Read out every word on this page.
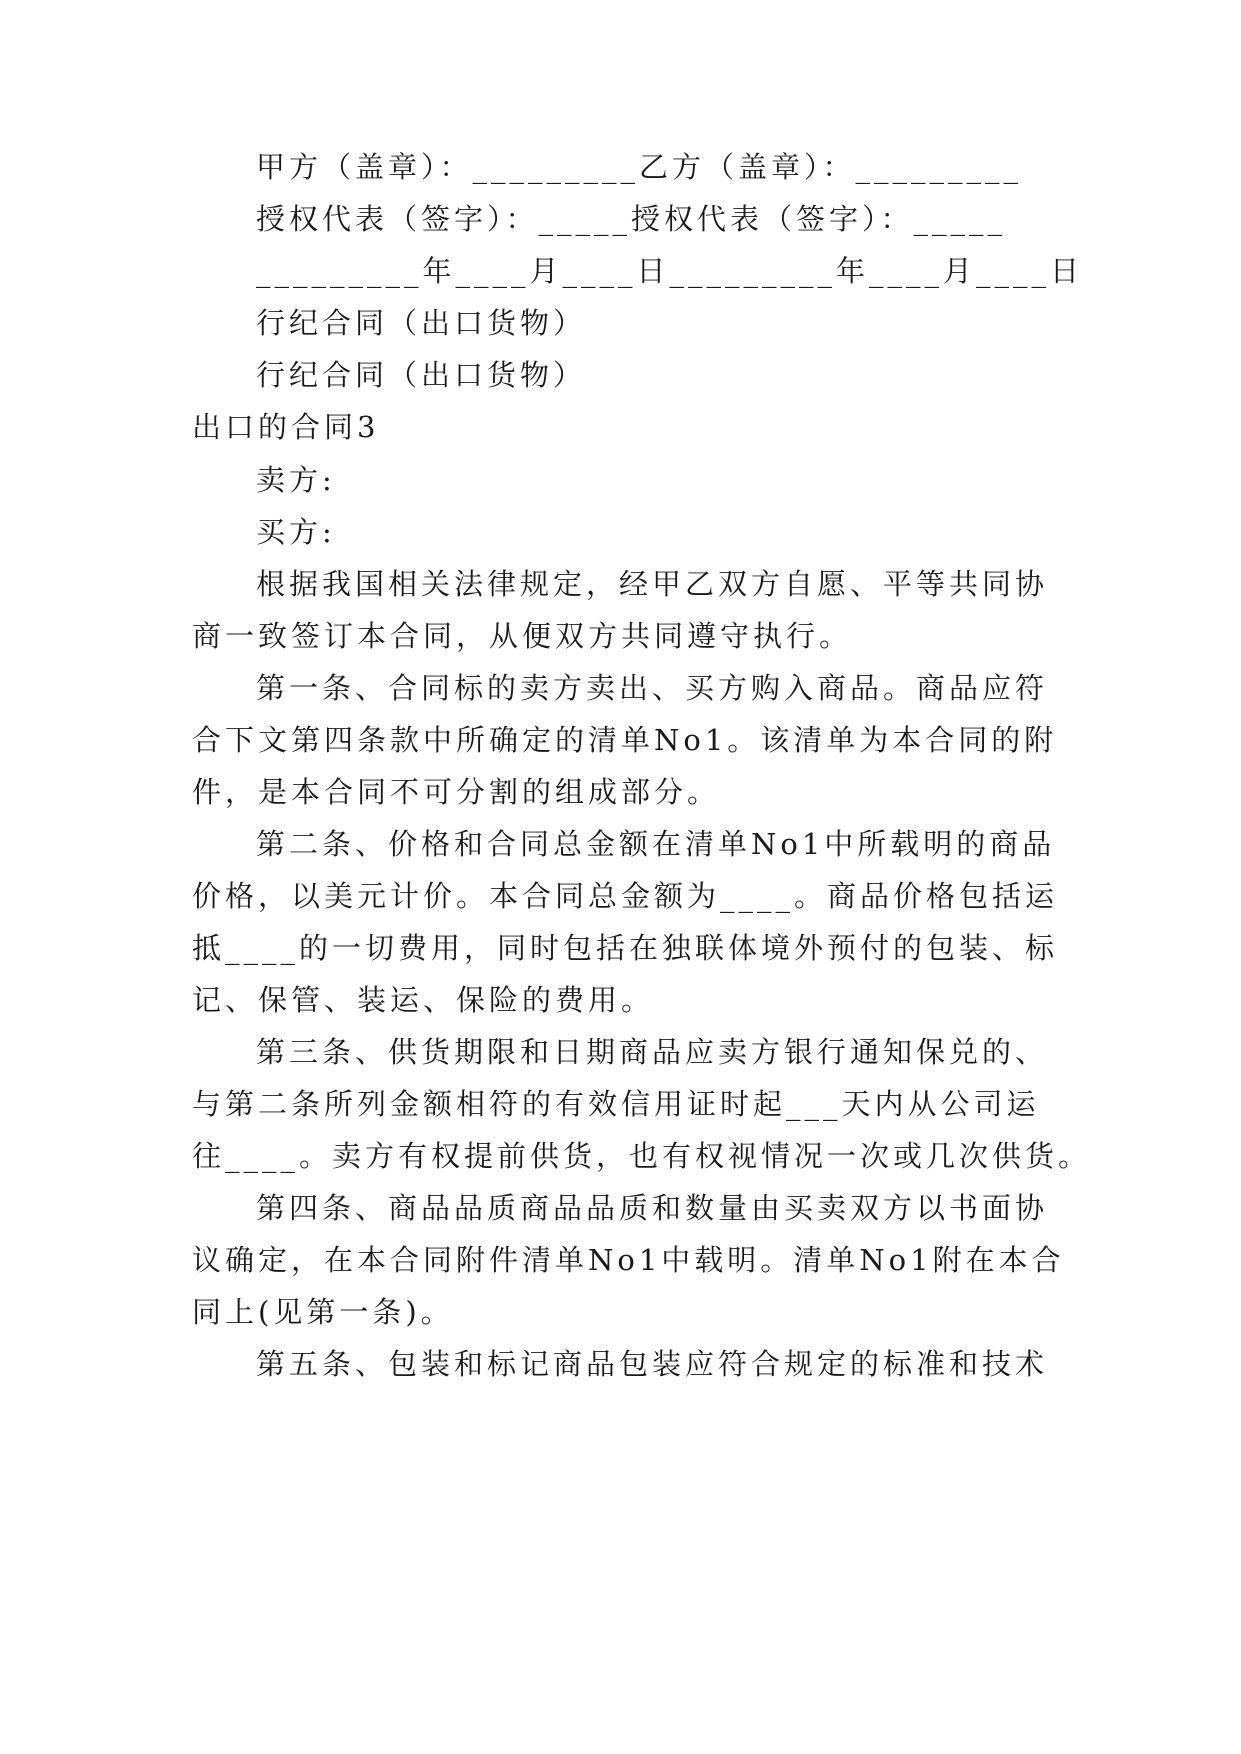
甲方（盖章）：_________乙方（盖章）：_________
授权代表（签字）：_____授权代表（签字）：_____
_________年____月____日_________年____月____日
行纪合同（出口货物）
行纪合同（出口货物）
出口的合同3
卖方:
买方:
根据我国相关法律规定，经甲乙双方自愿、平等共同协
商一致签订本合同，从便双方共同遵守执行。
第一条、合同标的卖方卖出、买方购入商品。商品应符
合下文第四条款中所确定的清单No1。该清单为本合同的附
件，是本合同不可分割的组成部分。
第二条、价格和合同总金额在清单No1中所载明的商品
价格，以美元计价。本合同总金额为____。商品价格包括运
抵____的一切费用，同时包括在独联体境外预付的包装、标
记、保管、装运、保险的费用。
第三条、供货期限和日期商品应卖方银行通知保兑的、
与第二条所列金额相符的有效信用证时起___天内从公司运
往____。卖方有权提前供货，也有权视情况一次或几次供货。
第四条、商品品质商品品质和数量由买卖双方以书面协
议确定，在本合同附件清单No1中载明。清单No1附在本合
同上(见第一条)。
第五条、包装和标记商品包装应符合规定的标准和技术
